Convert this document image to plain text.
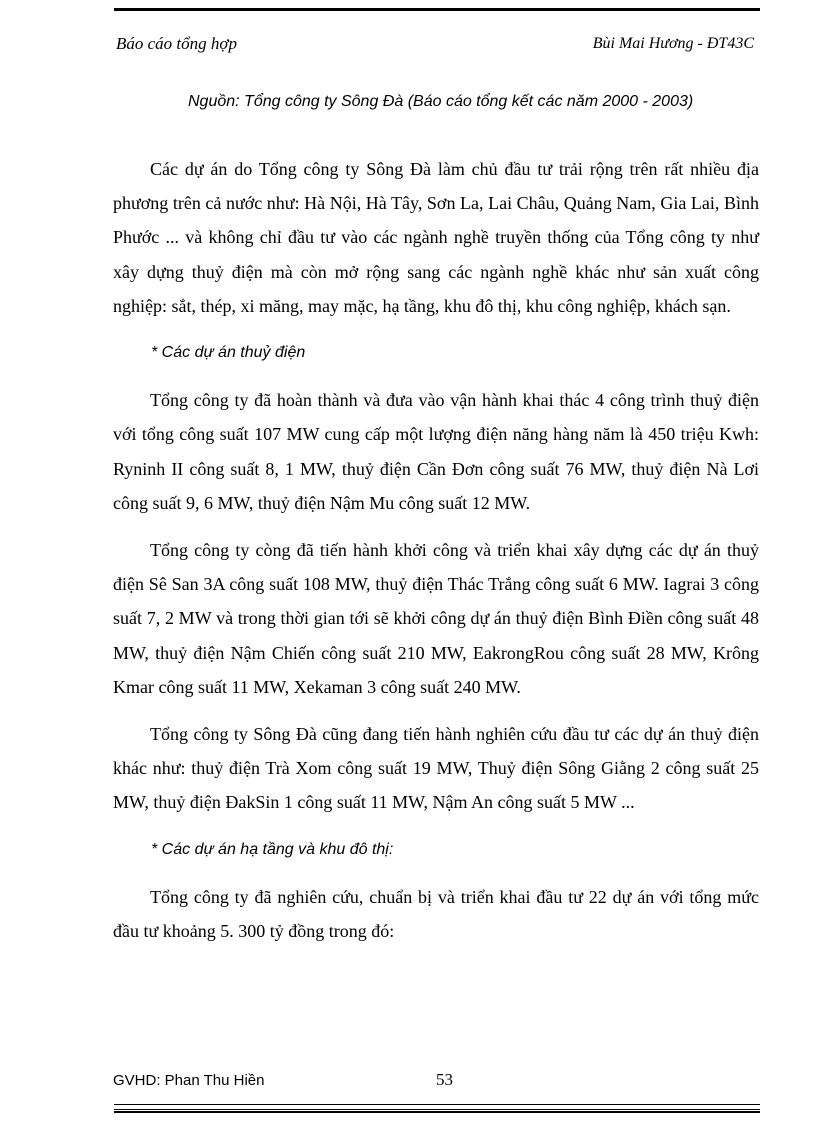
Báo cáo tổng hợp	Bùi Mai Hương - ĐT43C
Nguồn: Tổng công ty Sông Đà (Báo cáo tổng kết các năm 2000 - 2003)

Các dự án do Tổng công ty Sông Đà làm chủ đầu tư trải rộng trên rất nhiều địa phương trên cả nước như: Hà Nội, Hà Tây, Sơn La, Lai Châu, Quảng Nam, Gia Lai, Bình Phước ... và không chỉ đầu tư vào các ngành nghề truyền thống của Tổng công ty như xây dựng thuỷ điện mà còn mở rộng sang các ngành nghề khác như sản xuất công nghiệp: sắt, thép, xi măng, may mặc, hạ tầng, khu đô thị, khu công nghiệp, khách sạn.

* Các dự án thuỷ điện

Tổng công ty đã hoàn thành và đưa vào vận hành khai thác 4 công trình thuỷ điện với tổng công suất 107 MW cung cấp một lượng điện năng hàng năm là 450 triệu Kwh: Ryninh II công suất 8, 1 MW, thuỷ điện Cần Đơn công suất 76 MW, thuỷ điện Nà Lơi công suất 9, 6 MW, thuỷ điện Nậm Mu công suất 12 MW.

Tổng công ty còng đã tiến hành khởi công và triển khai xây dựng các dự án thuỷ điện Sê San 3A công suất 108 MW, thuỷ điện Thác Trắng công suất 6 MW. Iagrai 3 công suất 7, 2 MW và trong thời gian tới sẽ khởi công dự án thuỷ điện Bình Điền công suất 48 MW, thuỷ điện Nậm Chiến công suất 210 MW, EakrongRou công suất 28 MW, Krông Kmar công suất 11 MW, Xekaman 3 công suất 240 MW.

Tổng công ty Sông Đà cũng đang tiến hành nghiên cứu đầu tư các dự án thuỷ điện khác như: thuỷ điện Trà Xom công suất 19 MW, Thuỷ điện Sông Giằng 2 công suất 25 MW, thuỷ điện ĐakSin 1 công suất 11 MW, Nậm An công suất 5 MW ...

* Các dự án hạ tầng và khu đô thị:

Tổng công ty đã nghiên cứu, chuẩn bị và triển khai đầu tư 22 dự án với tổng mức đầu tư khoảng 5. 300 tỷ đồng trong đó:

GVHD: Phan Thu Hiền	53
